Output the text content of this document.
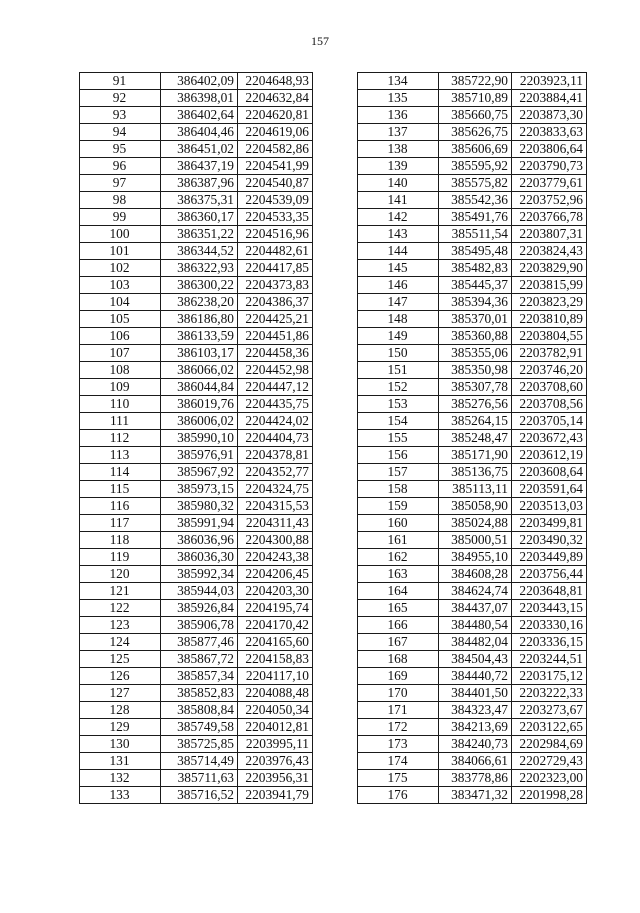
157
91	386402,09	2204648,93
92	386398,01	2204632,84
93	386402,64	2204620,81
94	386404,46	2204619,06
95	386451,02	2204582,86
96	386437,19	2204541,99
97	386387,96	2204540,87
98	386375,31	2204539,09
99	386360,17	2204533,35
100	386351,22	2204516,96
101	386344,52	2204482,61
102	386322,93	2204417,85
103	386300,22	2204373,83
104	386238,20	2204386,37
105	386186,80	2204425,21
106	386133,59	2204451,86
107	386103,17	2204458,36
108	386066,02	2204452,98
109	386044,84	2204447,12
110	386019,76	2204435,75
111	386006,02	2204424,02
112	385990,10	2204404,73
113	385976,91	2204378,81
114	385967,92	2204352,77
115	385973,15	2204324,75
116	385980,32	2204315,53
117	385991,94	2204311,43
118	386036,96	2204300,88
119	386036,30	2204243,38
120	385992,34	2204206,45
121	385944,03	2204203,30
122	385926,84	2204195,74
123	385906,78	2204170,42
124	385877,46	2204165,60
125	385867,72	2204158,83
126	385857,34	2204117,10
127	385852,83	2204088,48
128	385808,84	2204050,34
129	385749,58	2204012,81
130	385725,85	2203995,11
131	385714,49	2203976,43
132	385711,63	2203956,31
133	385716,52	2203941,79
134	385722,90	2203923,11
135	385710,89	2203884,41
136	385660,75	2203873,30
137	385626,75	2203833,63
138	385606,69	2203806,64
139	385595,92	2203790,73
140	385575,82	2203779,61
141	385542,36	2203752,96
142	385491,76	2203766,78
143	385511,54	2203807,31
144	385495,48	2203824,43
145	385482,83	2203829,90
146	385445,37	2203815,99
147	385394,36	2203823,29
148	385370,01	2203810,89
149	385360,88	2203804,55
150	385355,06	2203782,91
151	385350,98	2203746,20
152	385307,78	2203708,60
153	385276,56	2203708,56
154	385264,15	2203705,14
155	385248,47	2203672,43
156	385171,90	2203612,19
157	385136,75	2203608,64
158	385113,11	2203591,64
159	385058,90	2203513,03
160	385024,88	2203499,81
161	385000,51	2203490,32
162	384955,10	2203449,89
163	384608,28	2203756,44
164	384624,74	2203648,81
165	384437,07	2203443,15
166	384480,54	2203330,16
167	384482,04	2203336,15
168	384504,43	2203244,51
169	384440,72	2203175,12
170	384401,50	2203222,33
171	384323,47	2203273,67
172	384213,69	2203122,65
173	384240,73	2202984,69
174	384066,61	2202729,43
175	383778,86	2202323,00
176	383471,32	2201998,28
